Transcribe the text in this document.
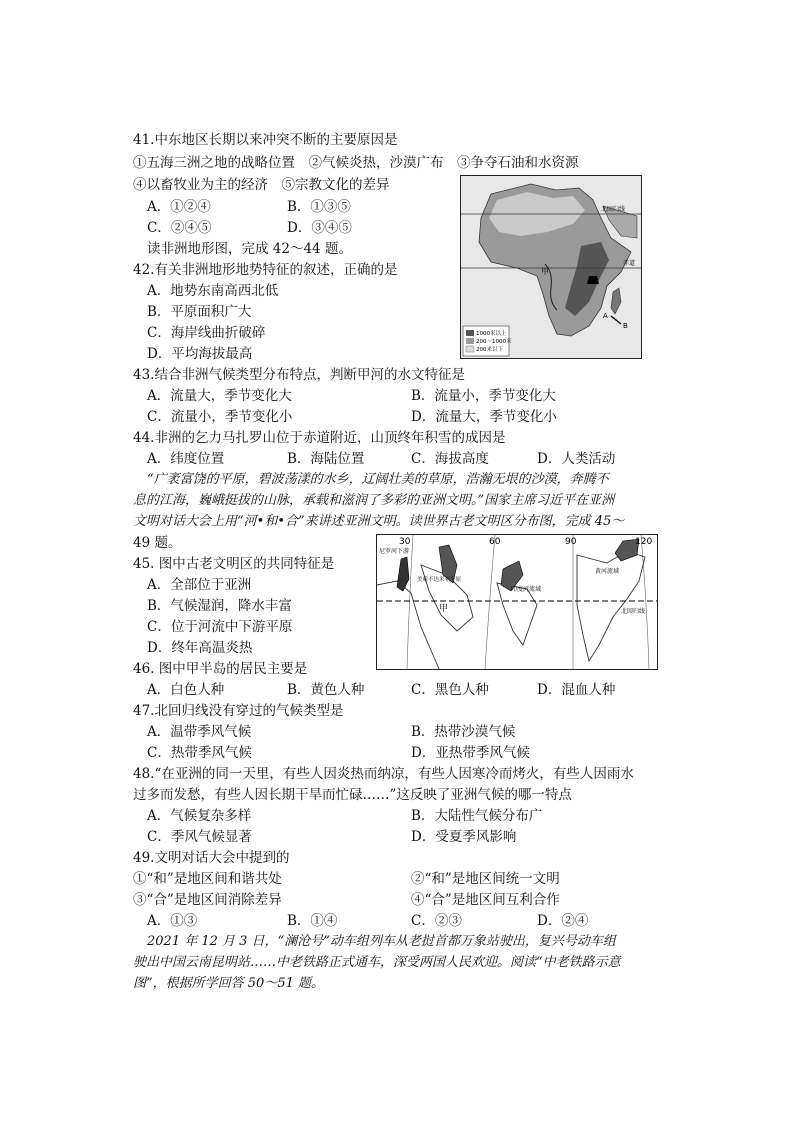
41.中东地区长期以来冲突不断的主要原因是
①五海三洲之地的战略位置　②气候炎热，沙漠广布　③争夺石油和水资源
④以畜牧业为主的经济　⑤宗教文化的差异
A．①②④	B．①③⑤
C．②④⑤	D．③④⑤
读非洲地形图，完成 42～44 题。
1000米以上
200～1000米
200米以下
北回归线
赤道
甲
A
B
42.有关非洲地形地势特征的叙述，正确的是
A．地势东南高西北低
B．平原面积广大
C．海岸线曲折破碎
D．平均海拔最高
43.结合非洲气候类型分布特点，判断甲河的水文特征是
A．流量大，季节变化大	B．流量小，季节变化大
C．流量小，季节变化小	D．流量大，季节变化小
44.非洲的乞力马扎罗山位于赤道附近，山顶终年积雪的成因是
A．纬度位置	B．海陆位置	C．海拔高度	D．人类活动
“广袤富饶的平原，碧波荡漾的水乡，辽阔壮美的草原，浩瀚无垠的沙漠，奔腾不
息的江海，巍峨挺拔的山脉，承载和滋润了多彩的亚洲文明。”国家主席习近平在亚洲
文明对话大会上用“河•和•合”来讲述亚洲文明。读世界古老文明区分布图，完成 45～
49 题。	30	60	90	120
尼罗河下游
美索不达米亚平原
印度河流域
黄河流域
甲	北回归线
45. 图中古老文明区的共同特征是
A．全部位于亚洲
B．气候湿润，降水丰富
C．位于河流中下游平原
D．终年高温炎热
46. 图中甲半岛的居民主要是
A．白色人种	B．黄色人种	C．黑色人种	D．混血人种
47.北回归线没有穿过的气候类型是
A．温带季风气候	B．热带沙漠气候
C．热带季风气候	D．亚热带季风气候
48.“在亚洲的同一天里，有些人因炎热而纳凉，有些人因寒冷而烤火，有些人因雨水
过多而发愁，有些人因长期干旱而忙碌……”这反映了亚洲气候的哪一特点
A．气候复杂多样	B．大陆性气候分布广
C．季风气候显著	D．受夏季风影响
49.文明对话大会中提到的
①“和”是地区间和谐共处	②“和”是地区间统一文明
③“合”是地区间消除差异	④“合”是地区间互利合作
A．①③	B．①④	C．②③	D．②④
2021 年 12 月 3 日，“澜沧号”动车组列车从老挝首都万象站驶出，复兴号动车组
驶出中国云南昆明站……中老铁路正式通车，深受两国人民欢迎。阅读“中老铁路示意
图”，根据所学回答 50～51 题。
